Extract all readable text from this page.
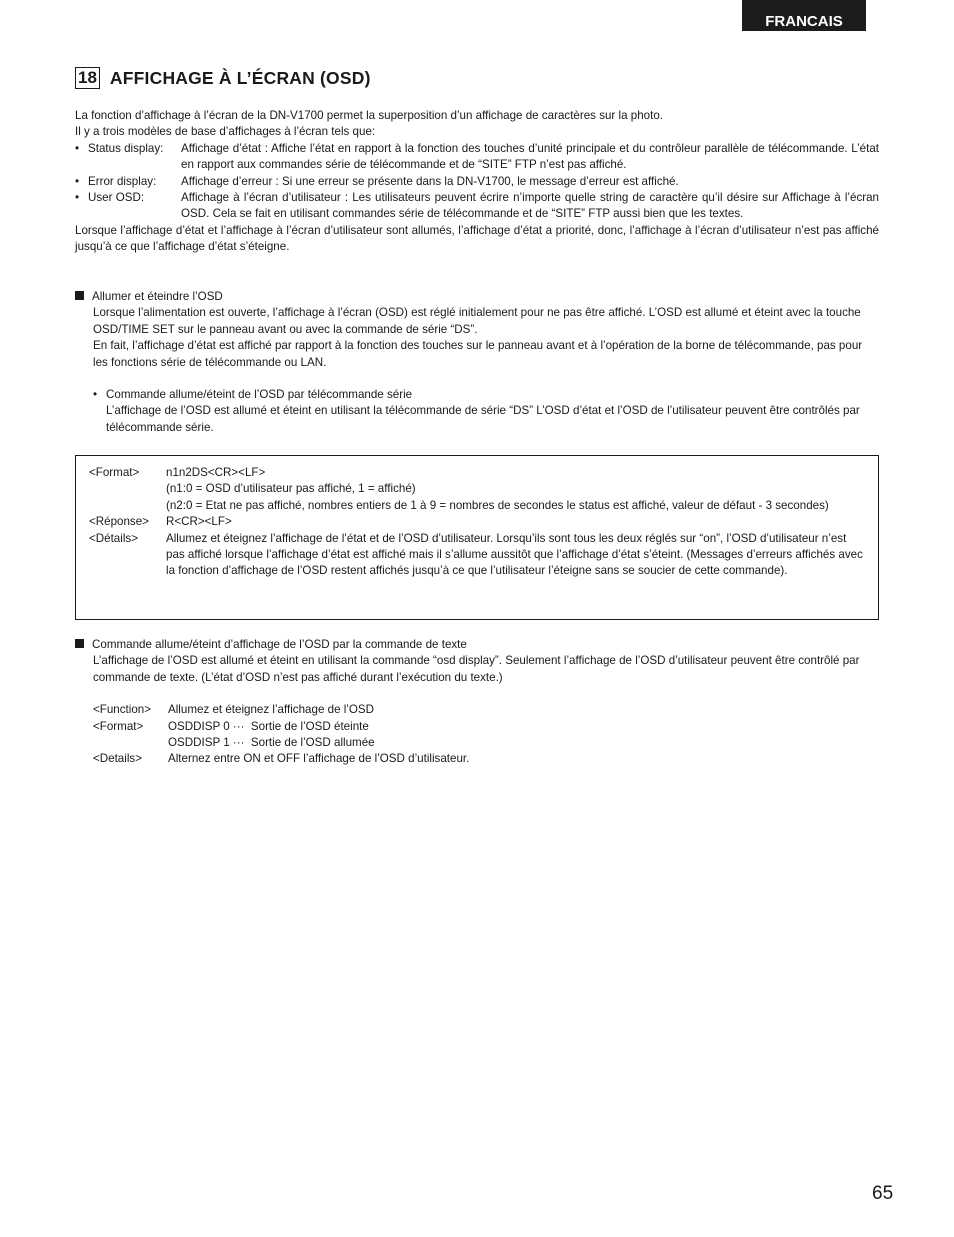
FRANCAIS
18 AFFICHAGE À L’ÉCRAN (OSD)

La fonction d’affichage à l’écran de la DN-V1700 permet la superposition d’un affichage de caractères sur la photo.

Il y a trois modèles de base d’affichages à l’écran tels que:

• Status display:	Affichage d’état : Affiche l’état en rapport à la fonction des touches d’unité principale et du contrôleur parallèle de télécommande. L’état en rapport aux commandes série de télécommande et de “SITE” FTP n’est pas affiché.
• Error display:	Affichage d’erreur : Si une erreur se présente dans la DN-V1700, le message d’erreur est affiché.
• User OSD:	Affichage à l’écran d’utilisateur : Les utilisateurs peuvent écrire n’importe quelle string de caractère qu’il désire sur Affichage à l’écran OSD. Cela se fait en utilisant commandes série de télécommande et de “SITE” FTP aussi bien que les textes.

Lorsque l’affichage d’état et l’affichage à l’écran d’utilisateur sont allumés, l’affichage d’état a priorité, donc, l’affichage à l’écran d’utilisateur n’est pas affiché jusqu’à ce que l’affichage d’état s’éteigne.

Allumer et éteindre l’OSD

Lorsque l’alimentation est ouverte, l’affichage à l’écran (OSD) est réglé initialement pour ne pas être affiché. L’OSD est allumé et éteint avec la touche OSD/TIME SET sur le panneau avant ou avec la commande de série “DS”.

En fait, l’affichage d’état est affiché par rapport à la fonction des touches sur le panneau avant et à l’opération de la borne de télécommande, pas pour les fonctions série de télécommande ou LAN.

• Commande allume/éteint de l’OSD par télécommande série

L’affichage de l’OSD est allumé et éteint en utilisant la télécommande de série “DS” L’OSD d’état et l’OSD de l’utilisateur peuvent être contrôlés par télécommande série.

<Format>	n1n2DS<CR><LF>
(n1:0 = OSD d’utilisateur pas affiché, 1 = affiché)
(n2:0 = Etat ne pas affiché, nombres entiers de 1 à 9 = nombres de secondes le status est affiché, valeur de défaut - 3 secondes)
<Réponse>	R<CR><LF>
<Détails>	Allumez et éteignez l’affichage de l’état et de l’OSD d’utilisateur. Lorsqu’ils sont tous les deux réglés sur “on”, l’OSD d’utilisateur n’est pas affiché lorsque l’affichage d’état est affiché mais il s’allume aussitôt que l’affichage d’état s’éteint. (Messages d’erreurs affichés avec la fonction d’affichage de l’OSD restent affichés jusqu’à ce que l’utilisateur l’éteigne sans se soucier de cette commande).

Commande allume/éteint d’affichage de l’OSD par la commande de texte

L’affichage de l’OSD est allumé et éteint en utilisant la commande “osd display”. Seulement l’affichage de l’OSD d’utilisateur peuvent être contrôlé par commande de texte. (L’état d’OSD n’est pas affiché durant l’exécution du texte.)

<Function>	Allumez et éteignez l’affichage de l’OSD
<Format>	OSDDISP 0 ···  Sortie de l’OSD éteinte
OSDDISP 1 ···  Sortie de l’OSD allumée
<Details>	Alternez entre ON et OFF l’affichage de l’OSD d’utilisateur.
65
